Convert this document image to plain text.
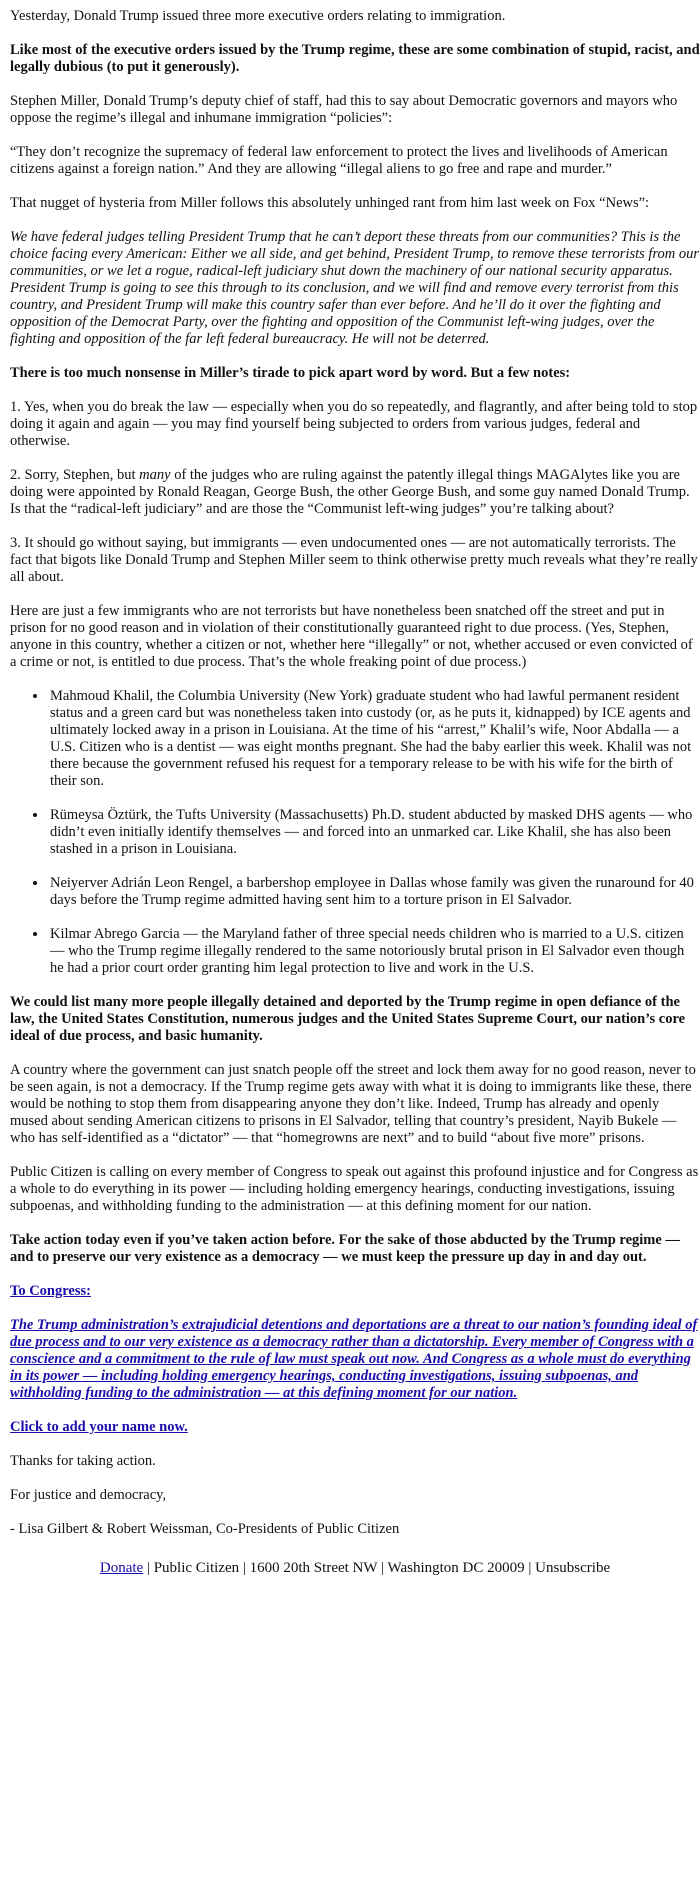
Yesterday, Donald Trump issued three more executive orders relating to immigration.

Like most of the executive orders issued by the Trump regime, these are some combination of stupid, racist, and legally dubious (to put it generously).

Stephen Miller, Donald Trump’s deputy chief of staff, had this to say about Democratic governors and mayors who oppose the regime’s illegal and inhumane immigration “policies”:

“They don’t recognize the supremacy of federal law enforcement to protect the lives and livelihoods of American citizens against a foreign nation.” And they are allowing “illegal aliens to go free and rape and murder.”

That nugget of hysteria from Miller follows this absolutely unhinged rant from him last week on Fox “News”:

We have federal judges telling President Trump that he can’t deport these threats from our communities? This is the choice facing every American: Either we all side, and get behind, President Trump, to remove these terrorists from our communities, or we let a rogue, radical-left judiciary shut down the machinery of our national security apparatus. President Trump is going to see this through to its conclusion, and we will find and remove every terrorist from this country, and President Trump will make this country safer than ever before. And he’ll do it over the fighting and opposition of the Democrat Party, over the fighting and opposition of the Communist left-wing judges, over the fighting and opposition of the far left federal bureaucracy. He will not be deterred.

There is too much nonsense in Miller’s tirade to pick apart word by word. But a few notes:

1. Yes, when you do break the law — especially when you do so repeatedly, and flagrantly, and after being told to stop doing it again and again — you may find yourself being subjected to orders from various judges, federal and otherwise.

2. Sorry, Stephen, but many of the judges who are ruling against the patently illegal things MAGAlytes like you are doing were appointed by Ronald Reagan, George Bush, the other George Bush, and some guy named Donald Trump. Is that the “radical-left judiciary” and are those the “Communist left-wing judges” you’re talking about?

3. It should go without saying, but immigrants — even undocumented ones — are not automatically terrorists. The fact that bigots like Donald Trump and Stephen Miller seem to think otherwise pretty much reveals what they’re really all about.

Here are just a few immigrants who are not terrorists but have nonetheless been snatched off the street and put in prison for no good reason and in violation of their constitutionally guaranteed right to due process. (Yes, Stephen, anyone in this country, whether a citizen or not, whether here “illegally” or not, whether accused or even convicted of a crime or not, is entitled to due process. That’s the whole freaking point of due process.)

• Mahmoud Khalil, the Columbia University (New York) graduate student who had lawful permanent resident status and a green card but was nonetheless taken into custody (or, as he puts it, kidnapped) by ICE agents and ultimately locked away in a prison in Louisiana. At the time of his “arrest,” Khalil’s wife, Noor Abdalla — a U.S. Citizen who is a dentist — was eight months pregnant. She had the baby earlier this week. Khalil was not there because the government refused his request for a temporary release to be with his wife for the birth of their son.
• Rümeysa Öztürk, the Tufts University (Massachusetts) Ph.D. student abducted by masked DHS agents — who didn’t even initially identify themselves — and forced into an unmarked car. Like Khalil, she has also been stashed in a prison in Louisiana.
• Neiyerver Adrián Leon Rengel, a barbershop employee in Dallas whose family was given the runaround for 40 days before the Trump regime admitted having sent him to a torture prison in El Salvador.
• Kilmar Abrego Garcia — the Maryland father of three special needs children who is married to a U.S. citizen — who the Trump regime illegally rendered to the same notoriously brutal prison in El Salvador even though he had a prior court order granting him legal protection to live and work in the U.S.

We could list many more people illegally detained and deported by the Trump regime in open defiance of the law, the United States Constitution, numerous judges and the United States Supreme Court, our nation’s core ideal of due process, and basic humanity.

A country where the government can just snatch people off the street and lock them away for no good reason, never to be seen again, is not a democracy. If the Trump regime gets away with what it is doing to immigrants like these, there would be nothing to stop them from disappearing anyone they don’t like. Indeed, Trump has already and openly mused about sending American citizens to prisons in El Salvador, telling that country’s president, Nayib Bukele — who has self-identified as a “dictator” — that “homegrowns are next” and to build “about five more” prisons.

Public Citizen is calling on every member of Congress to speak out against this profound injustice and for Congress as a whole to do everything in its power — including holding emergency hearings, conducting investigations, issuing subpoenas, and withholding funding to the administration — at this defining moment for our nation.

Take action today even if you’ve taken action before. For the sake of those abducted by the Trump regime — and to preserve our very existence as a democracy — we must keep the pressure up day in and day out.

To Congress:

The Trump administration’s extrajudicial detentions and deportations are a threat to our nation’s founding ideal of due process and to our very existence as a democracy rather than a dictatorship. Every member of Congress with a conscience and a commitment to the rule of law must speak out now. And Congress as a whole must do everything in its power — including holding emergency hearings, conducting investigations, issuing subpoenas, and withholding funding to the administration — at this defining moment for our nation.

Click to add your name now.

Thanks for taking action.

For justice and democracy,

- Lisa Gilbert & Robert Weissman, Co-Presidents of Public Citizen

Donate | Public Citizen | 1600 20th Street NW | Washington DC 20009 | Unsubscribe
